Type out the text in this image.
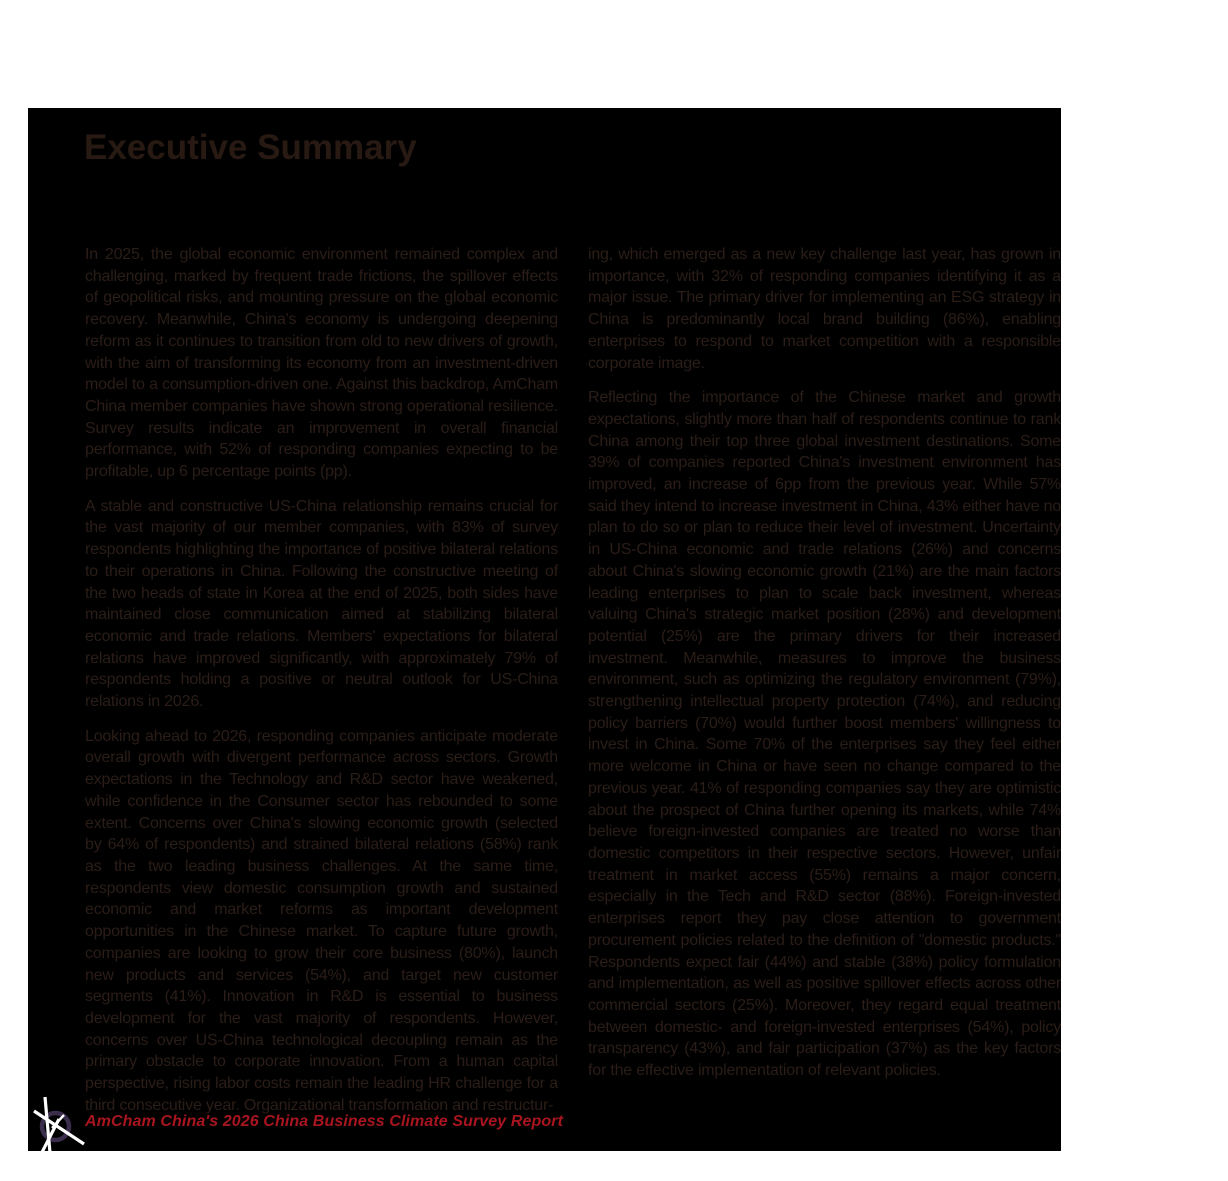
Executive Summary

In 2025, the global economic environment remained complex and challenging, marked by frequent trade frictions, the spillover effects of geopolitical risks, and mounting pressure on the global economic recovery. Meanwhile, China's economy is undergoing deepening reform as it continues to transition from old to new drivers of growth, with the aim of transforming its economy from an investment-driven model to a consumption-driven one. Against this backdrop, AmCham China member companies have shown strong operational resilience. Survey results indicate an improvement in overall financial performance, with 52% of responding companies expecting to be profitable, up 6 percentage points (pp).

A stable and constructive US-China relationship remains crucial for the vast majority of our member companies, with 83% of survey respondents highlighting the importance of positive bilateral relations to their operations in China. Following the constructive meeting of the two heads of state in Korea at the end of 2025, both sides have maintained close communication aimed at stabilizing bilateral economic and trade relations. Members' expectations for bilateral relations have improved significantly, with approximately 79% of respondents holding a positive or neutral outlook for US-China relations in 2026.

Looking ahead to 2026, responding companies anticipate moderate overall growth with divergent performance across sectors. Growth expectations in the Technology and R&D sector have weakened, while confidence in the Consumer sector has rebounded to some extent. Concerns over China's slowing economic growth (selected by 64% of respondents) and strained bilateral relations (58%) rank as the two leading business challenges. At the same time, respondents view domestic consumption growth and sustained economic and market reforms as important development opportunities in the Chinese market. To capture future growth, companies are looking to grow their core business (80%), launch new products and services (54%), and target new customer segments (41%). Innovation in R&D is essential to business development for the vast majority of respondents. However, concerns over US-China technological decoupling remain as the primary obstacle to corporate innovation. From a human capital perspective, rising labor costs remain the leading HR challenge for a third consecutive year. Organizational transformation and restructur-

ing, which emerged as a new key challenge last year, has grown in importance, with 32% of responding companies identifying it as a major issue. The primary driver for implementing an ESG strategy in China is predominantly local brand building (86%), enabling enterprises to respond to market competition with a responsible corporate image.

Reflecting the importance of the Chinese market and growth expectations, slightly more than half of respondents continue to rank China among their top three global investment destinations. Some 39% of companies reported China's investment environment has improved, an increase of 6pp from the previous year. While 57% said they intend to increase investment in China, 43% either have no plan to do so or plan to reduce their level of investment. Uncertainty in US-China economic and trade relations (26%) and concerns about China's slowing economic growth (21%) are the main factors leading enterprises to plan to scale back investment, whereas valuing China's strategic market position (28%) and development potential (25%) are the primary drivers for their increased investment. Meanwhile, measures to improve the business environment, such as optimizing the regulatory environment (79%), strengthening intellectual property protection (74%), and reducing policy barriers (70%) would further boost members' willingness to invest in China. Some 70% of the enterprises say they feel either more welcome in China or have seen no change compared to the previous year. 41% of responding companies say they are optimistic about the prospect of China further opening its markets, while 74% believe foreign-invested companies are treated no worse than domestic competitors in their respective sectors. However, unfair treatment in market access (55%) remains a major concern, especially in the Tech and R&D sector (88%). Foreign-invested enterprises report they pay close attention to government procurement policies related to the definition of "domestic products." Respondents expect fair (44%) and stable (38%) policy formulation and implementation, as well as positive spillover effects across other commercial sectors (25%). Moreover, they regard equal treatment between domestic- and foreign-invested enterprises (54%), policy transparency (43%), and fair participation (37%) as the key factors for the effective implementation of relevant policies.

AmCham China's 2026 China Business Climate Survey Report
